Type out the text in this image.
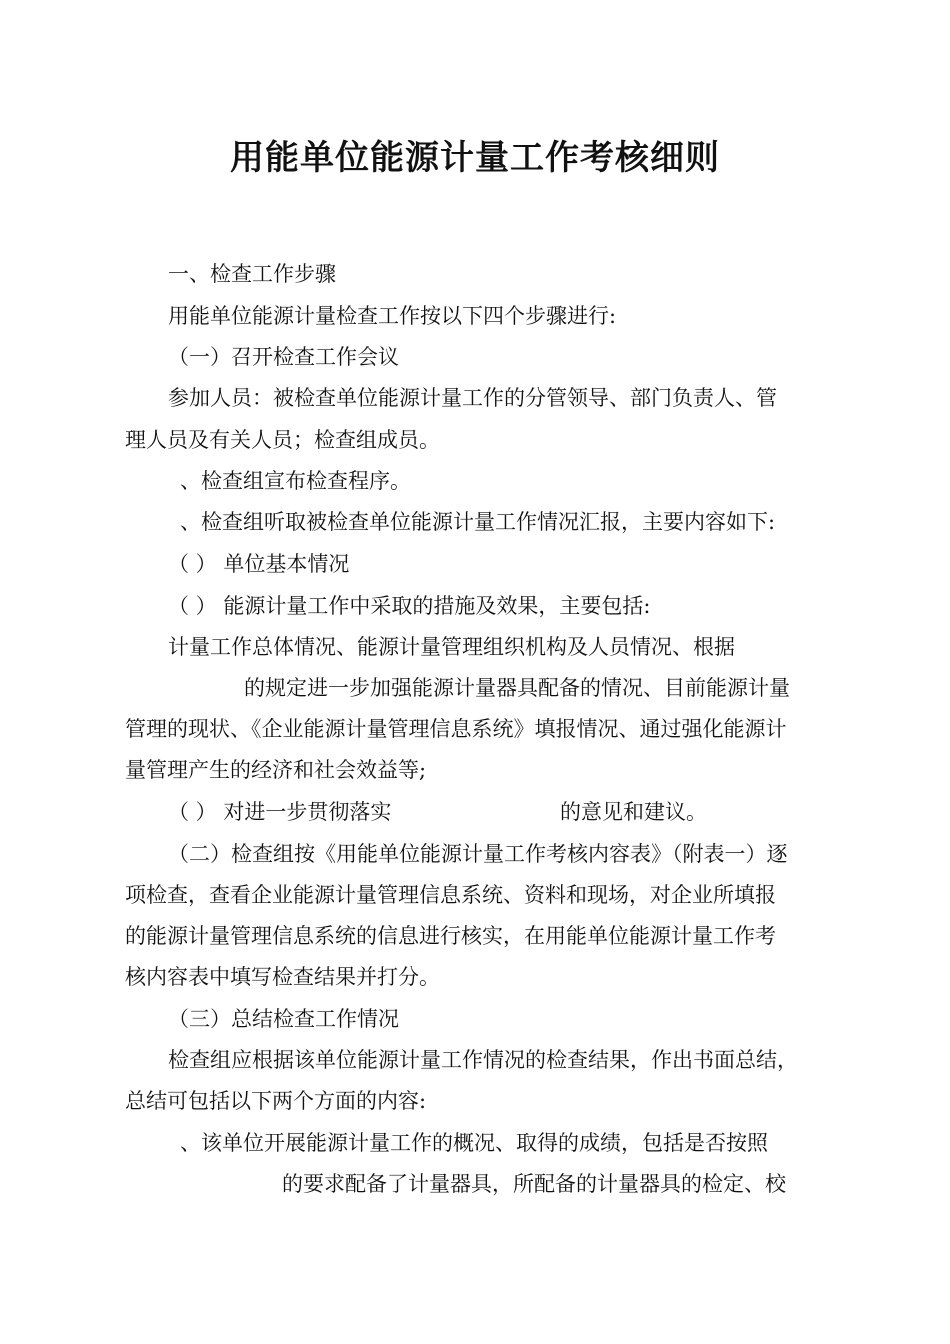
用能单位能源计量工作考核细则
一、检查工作步骤
用能单位能源计量检查工作按以下四个步骤进行:
（一）召开检查工作会议
参加人员：被检查单位能源计量工作的分管领导、部门负责人、管
理人员及有关人员；检查组成员。
、检查组宣布检查程序。
、检查组听取被检查单位能源计量工作情况汇报，主要内容如下:
（ ） 单位基本情况
（ ） 能源计量工作中采取的措施及效果，主要包括:
计量工作总体情况、能源计量管理组织机构及人员情况、根据
的规定进一步加强能源计量器具配备的情况、目前能源计量
管理的现状、《企业能源计量管理信息系统》填报情况、通过强化能源计
量管理产生的经济和社会效益等;
（ ） 对进一步贯彻落实	的意见和建议。
（二）检查组按《用能单位能源计量工作考核内容表》（附表一）逐
项检查，查看企业能源计量管理信息系统、资料和现场，对企业所填报
的能源计量管理信息系统的信息进行核实，在用能单位能源计量工作考
核内容表中填写检查结果并打分。
（三）总结检查工作情况
检查组应根据该单位能源计量工作情况的检查结果，作出书面总结，
总结可包括以下两个方面的内容:
、该单位开展能源计量工作的概况、取得的成绩，包括是否按照
的要求配备了计量器具，所配备的计量器具的检定、校
